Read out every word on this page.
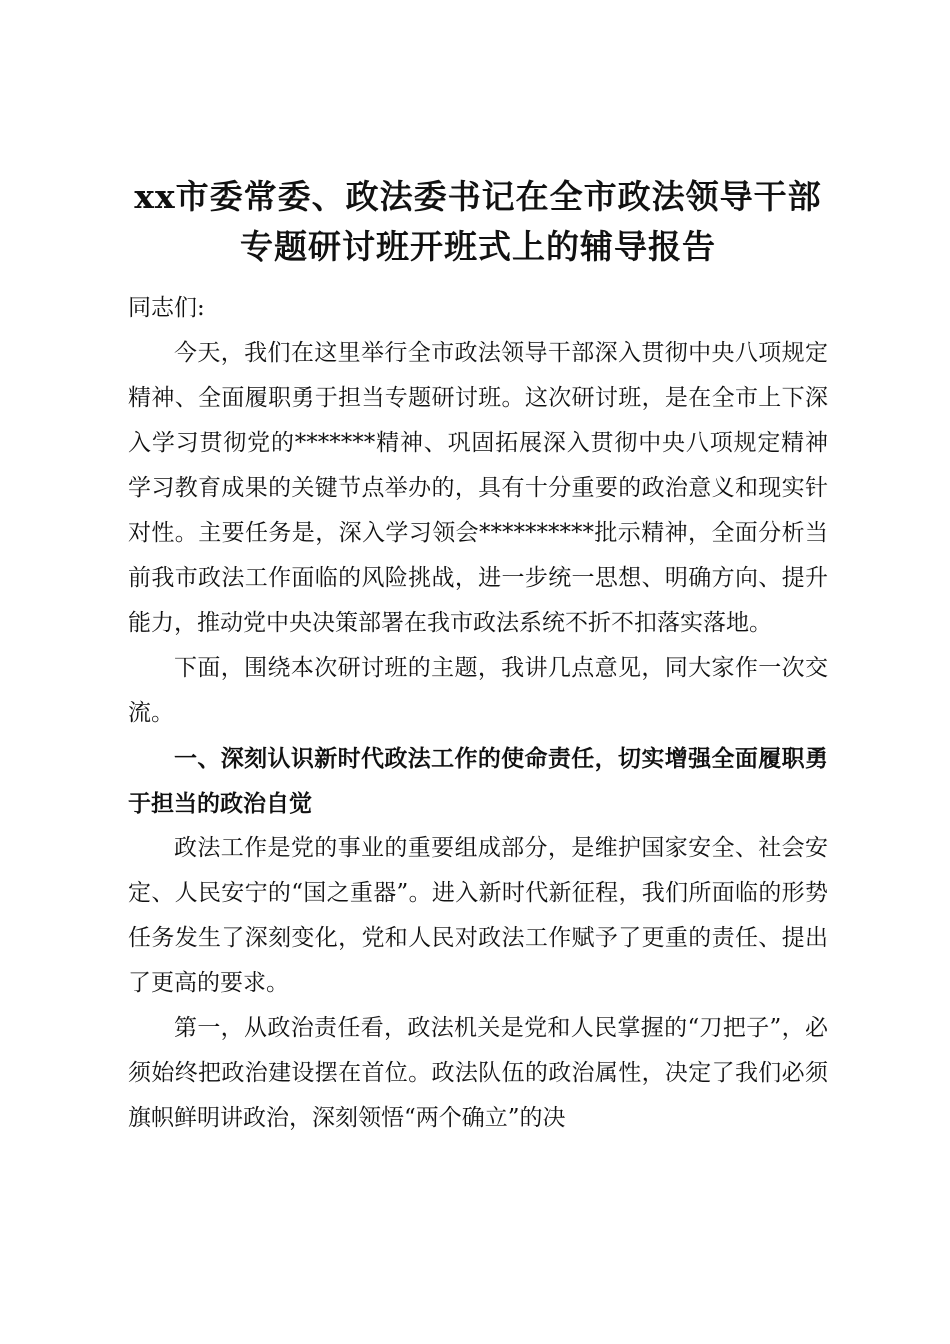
xx市委常委、政法委书记在全市政法领导干部专题研讨班开班式上的辅导报告

同志们:

今天，我们在这里举行全市政法领导干部深入贯彻中央八项规定精神、全面履职勇于担当专题研讨班。这次研讨班，是在全市上下深入学习贯彻党的*******精神、巩固拓展深入贯彻中央八项规定精神学习教育成果的关键节点举办的，具有十分重要的政治意义和现实针对性。主要任务是，深入学习领会**********批示精神，全面分析当前我市政法工作面临的风险挑战，进一步统一思想、明确方向、提升能力，推动党中央决策部署在我市政法系统不折不扣落实落地。

下面，围绕本次研讨班的主题，我讲几点意见，同大家作一次交流。

一、深刻认识新时代政法工作的使命责任，切实增强全面履职勇于担当的政治自觉

政法工作是党的事业的重要组成部分，是维护国家安全、社会安定、人民安宁的“国之重器”。进入新时代新征程，我们所面临的形势任务发生了深刻变化，党和人民对政法工作赋予了更重的责任、提出了更高的要求。

第一，从政治责任看，政法机关是党和人民掌握的“刀把子”，必须始终把政治建设摆在首位。政法队伍的政治属性，决定了我们必须旗帜鲜明讲政治，深刻领悟“两个确立”的决
